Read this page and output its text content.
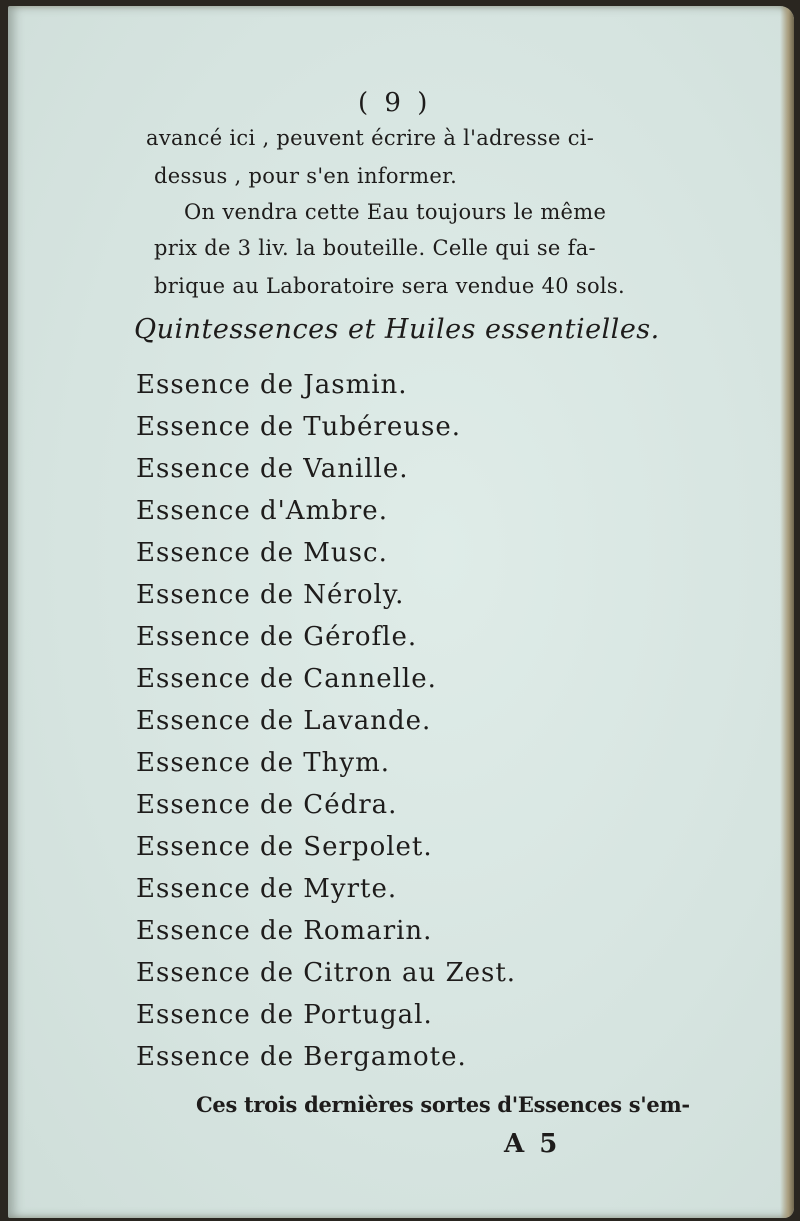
( 9 )
avancé ici , peuvent écrire à l'adresse ci-
dessus , pour s'en informer.
On vendra cette Eau toujours le même
prix de 3 liv. la bouteille. Celle qui se fa-
brique au Laboratoire sera vendue 40 sols.
Quintessences et Huiles essentielles.
Essence de Jasmin.
Essence de Tubéreuse.
Essence de Vanille.
Essence d'Ambre.
Essence de Musc.
Essence de Néroly.
Essence de Gérofle.
Essence de Cannelle.
Essence de Lavande.
Essence de Thym.
Essence de Cédra.
Essence de Serpolet.
Essence de Myrte.
Essence de Romarin.
Essence de Citron au Zest.
Essence de Portugal.
Essence de Bergamote.
Ces trois dernières sortes d'Essences s'em-
A 5
